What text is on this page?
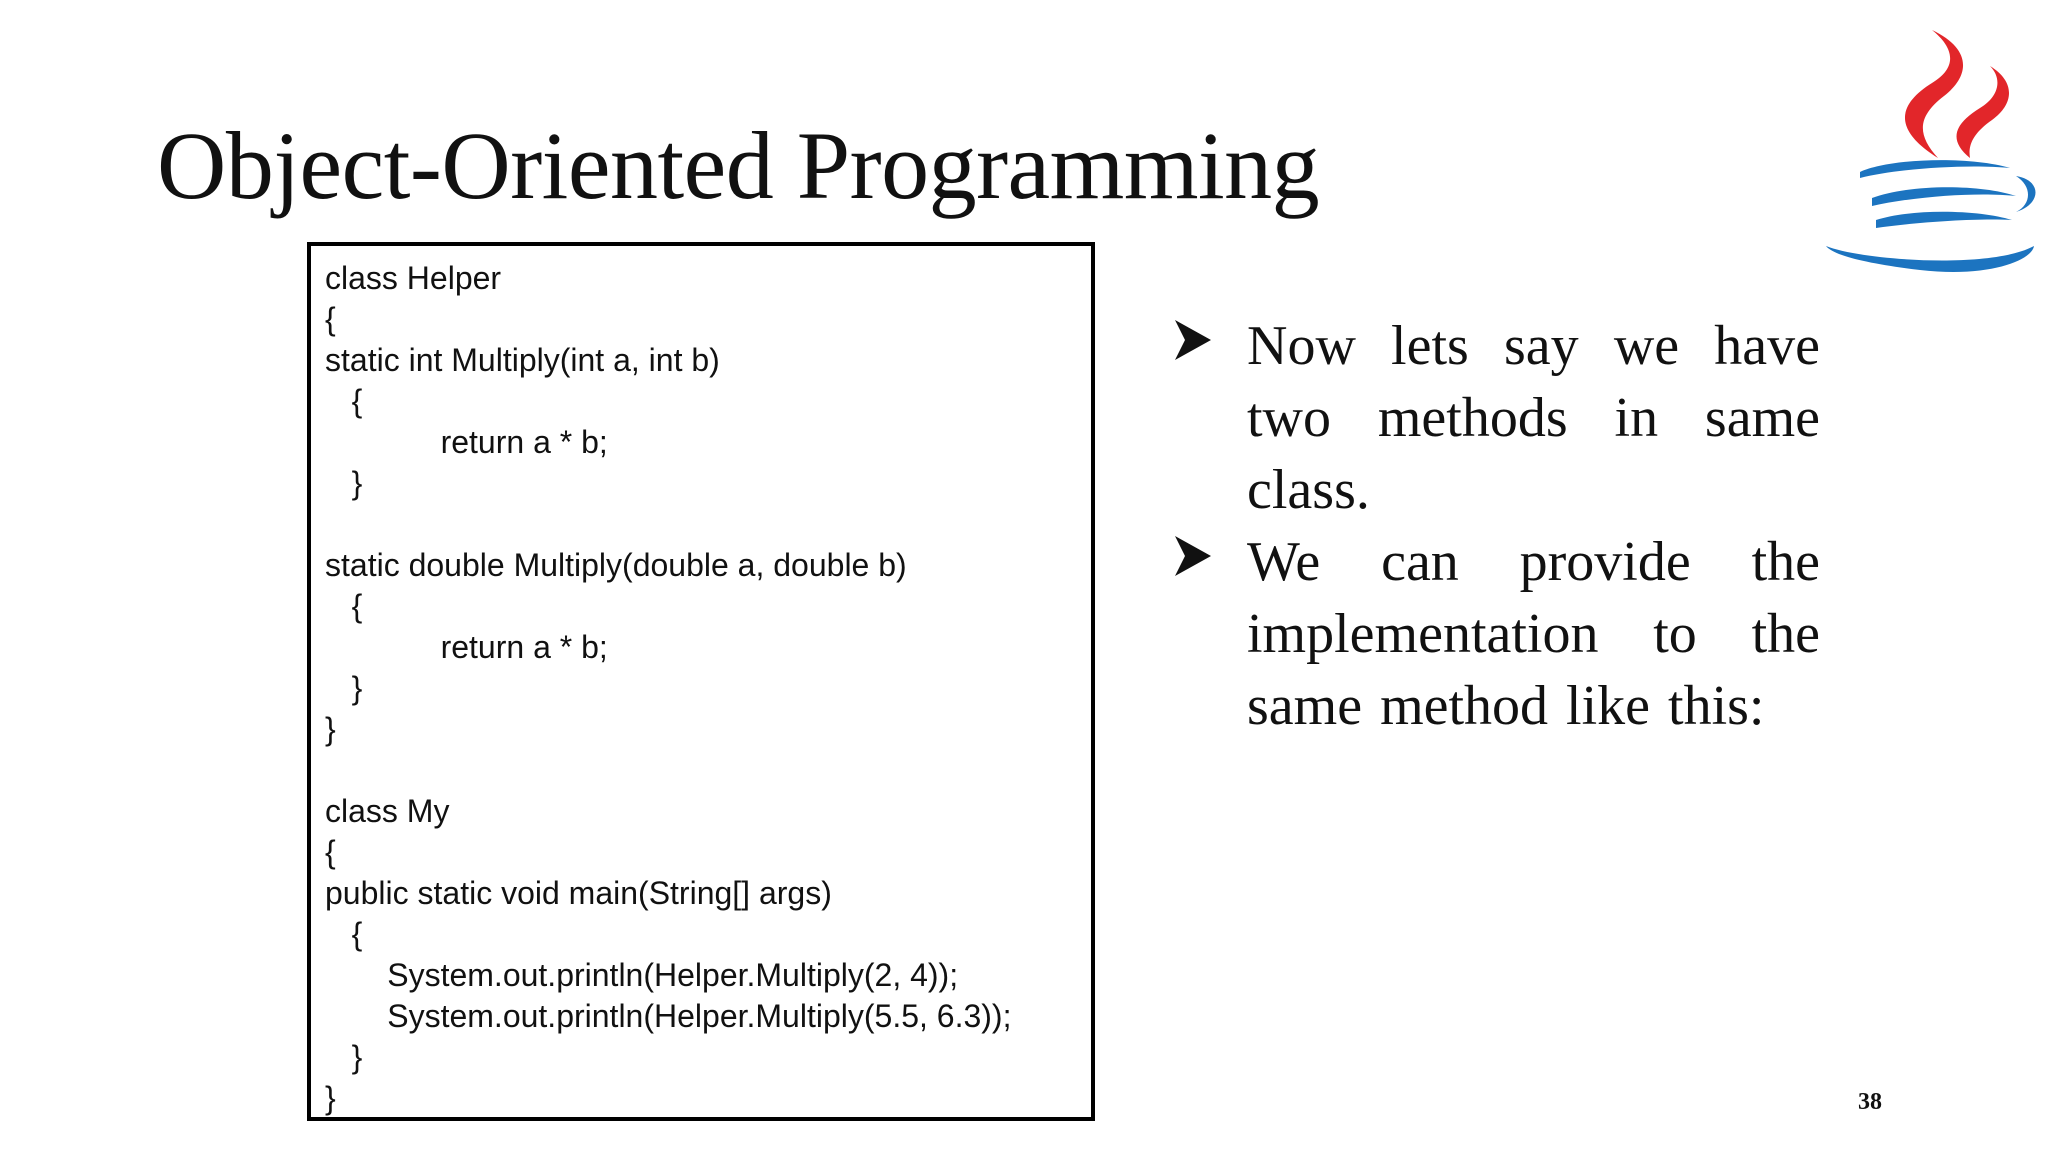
Object-Oriented Programming
class Helper
{
static int Multiply(int a, int b)
{
return a * b;
}
static double Multiply(double a, double b)
{
return a * b;
}
}
class My
{
public static void main(String[] args)
{
System.out.println(Helper.Multiply(2, 4));
System.out.println(Helper.Multiply(5.5, 6.3));
}
}
Now lets say we have two methods in same class.
We can provide the implementation to the same method like this:
38
